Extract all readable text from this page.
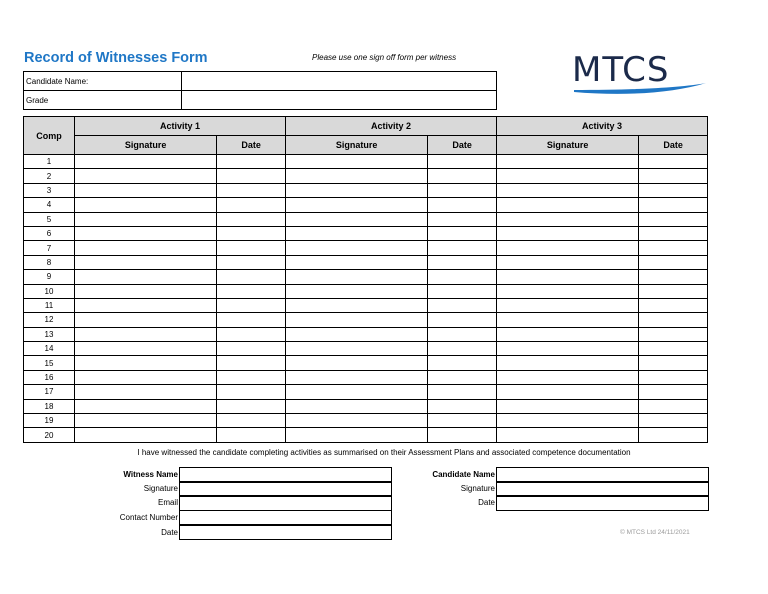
Record of Witnesses Form	Please use one sign off form per witness	MTCS
Candidate Name:	
Grade	
Comp	Activity 1		Activity 2		Activity 3	
	Signature	Date	Signature	Date	Signature	Date
1						
2						
3						
4						
5						
6						
7						
8						
9						
10						
11						
12						
13						
14						
15						
16						
17						
18						
19						
20						
I have witnessed the candidate completing activities as summarised on their Assessment Plans and associated competence documentation
Witness Name
Signature
Email
Contact Number
Date
Candidate Name
Signature
Date
© MTCS Ltd 24/11/2021
